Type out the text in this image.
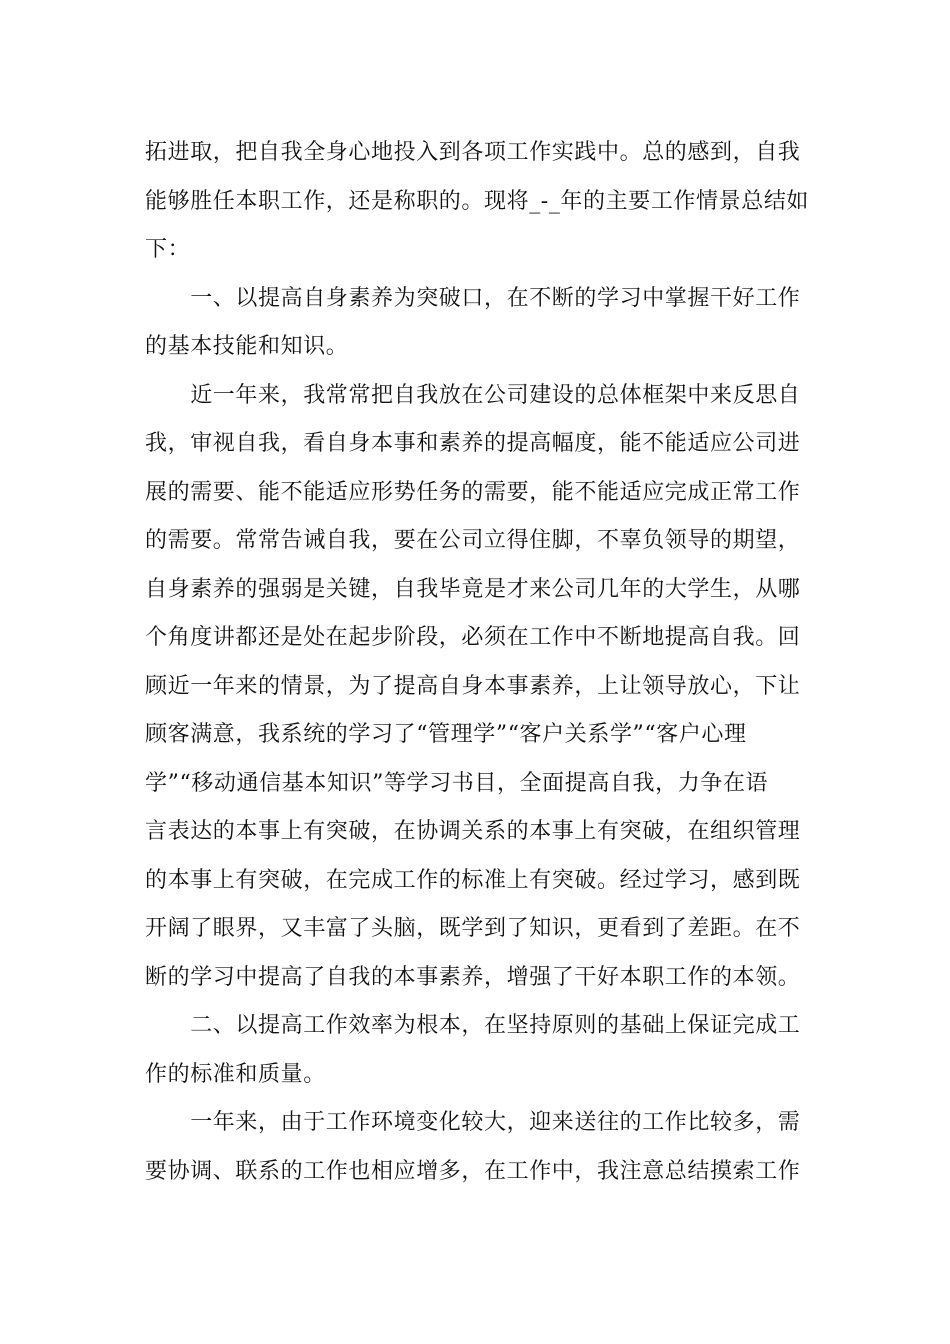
拓进取，把自我全身心地投入到各项工作实践中。总的感到，自我
能够胜任本职工作，还是称职的。现将_-_年的主要工作情景总结如
下：
　　一、以提高自身素养为突破口，在不断的学习中掌握干好工作
的基本技能和知识。
　　近一年来，我常常把自我放在公司建设的总体框架中来反思自
我，审视自我，看自身本事和素养的提高幅度，能不能适应公司进
展的需要、能不能适应形势任务的需要，能不能适应完成正常工作
的需要。常常告诫自我，要在公司立得住脚，不辜负领导的期望，
自身素养的强弱是关键，自我毕竟是才来公司几年的大学生，从哪
个角度讲都还是处在起步阶段，必须在工作中不断地提高自我。回
顾近一年来的情景，为了提高自身本事素养，上让领导放心，下让
顾客满意，我系统的学习了“管理学”“客户关系学”“客户心理
学”“移动通信基本知识”等学习书目，全面提高自我，力争在语
言表达的本事上有突破，在协调关系的本事上有突破，在组织管理
的本事上有突破，在完成工作的标准上有突破。经过学习，感到既
开阔了眼界，又丰富了头脑，既学到了知识，更看到了差距。在不
断的学习中提高了自我的本事素养，增强了干好本职工作的本领。
　　二、以提高工作效率为根本，在坚持原则的基础上保证完成工
作的标准和质量。
　　一年来，由于工作环境变化较大，迎来送往的工作比较多，需
要协调、联系的工作也相应增多，在工作中，我注意总结摸索工作
